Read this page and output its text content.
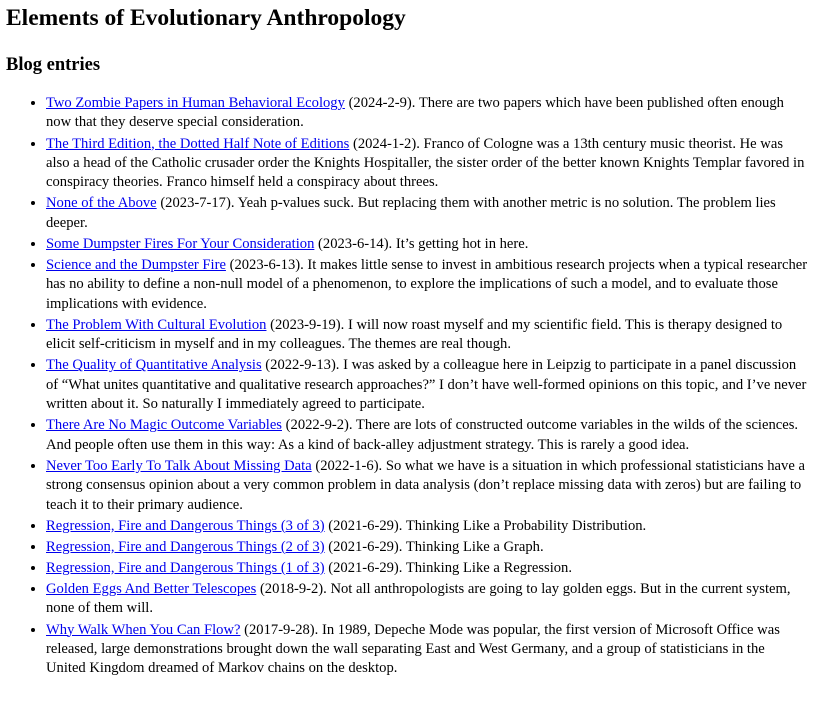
Elements of Evolutionary Anthropology
Blog entries
• Two Zombie Papers in Human Behavioral Ecology (2024-2-9). There are two papers which have been published often enough now that they deserve special consideration.
• The Third Edition, the Dotted Half Note of Editions (2024-1-2). Franco of Cologne was a 13th century music theorist. He was also a head of the Catholic crusader order the Knights Hospitaller, the sister order of the better known Knights Templar favored in conspiracy theories. Franco himself held a conspiracy about threes.
• None of the Above (2023-7-17). Yeah p-values suck. But replacing them with another metric is no solution. The problem lies deeper.
• Some Dumpster Fires For Your Consideration (2023-6-14). It’s getting hot in here.
• Science and the Dumpster Fire (2023-6-13). It makes little sense to invest in ambitious research projects when a typical researcher has no ability to define a non-null model of a phenomenon, to explore the implications of such a model, and to evaluate those implications with evidence.
• The Problem With Cultural Evolution (2023-9-19). I will now roast myself and my scientific field. This is therapy designed to elicit self-criticism in myself and in my colleagues. The themes are real though.
• The Quality of Quantitative Analysis (2022-9-13). I was asked by a colleague here in Leipzig to participate in a panel discussion of “What unites quantitative and qualitative research approaches?” I don’t have well-formed opinions on this topic, and I’ve never written about it. So naturally I immediately agreed to participate.
• There Are No Magic Outcome Variables (2022-9-2). There are lots of constructed outcome variables in the wilds of the sciences. And people often use them in this way: As a kind of back-alley adjustment strategy. This is rarely a good idea.
• Never Too Early To Talk About Missing Data (2022-1-6). So what we have is a situation in which professional statisticians have a strong consensus opinion about a very common problem in data analysis (don’t replace missing data with zeros) but are failing to teach it to their primary audience.
• Regression, Fire and Dangerous Things (3 of 3) (2021-6-29). Thinking Like a Probability Distribution.
• Regression, Fire and Dangerous Things (2 of 3) (2021-6-29). Thinking Like a Graph.
• Regression, Fire and Dangerous Things (1 of 3) (2021-6-29). Thinking Like a Regression.
• Golden Eggs And Better Telescopes (2018-9-2). Not all anthropologists are going to lay golden eggs. But in the current system, none of them will.
• Why Walk When You Can Flow? (2017-9-28). In 1989, Depeche Mode was popular, the first version of Microsoft Office was released, large demonstrations brought down the wall separating East and West Germany, and a group of statisticians in the United Kingdom dreamed of Markov chains on the desktop.
